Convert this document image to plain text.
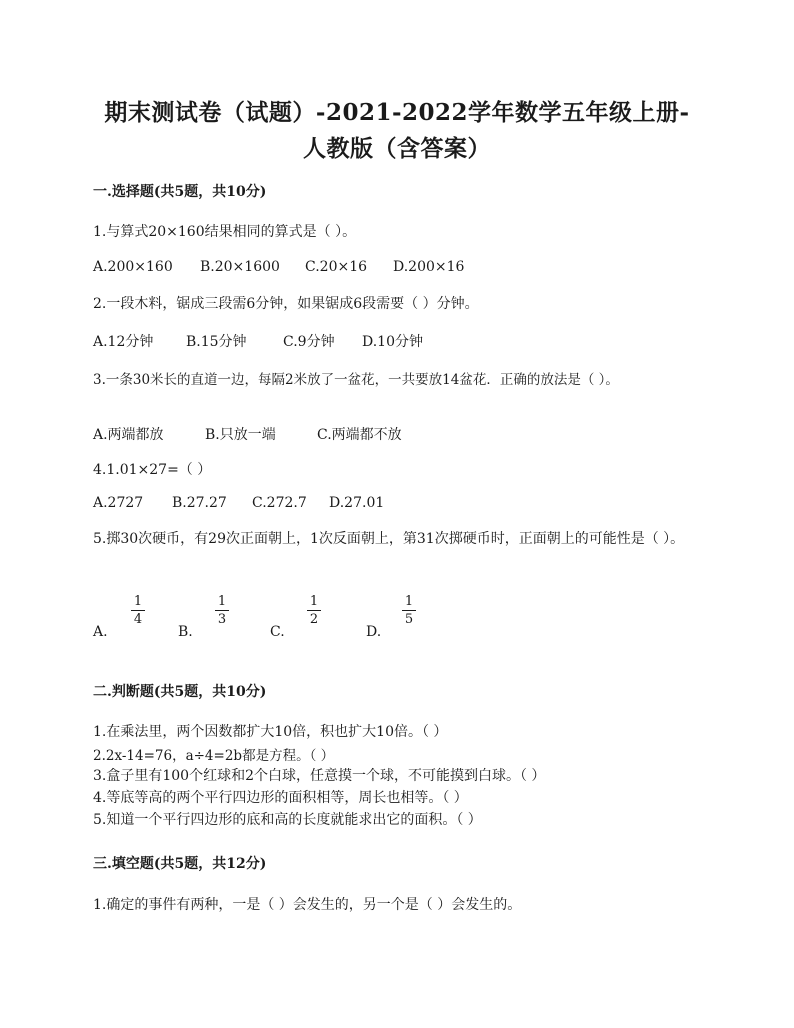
期末测试卷（试题）-2021-2022学年数学五年级上册-
人教版（含答案）
一.选择题(共5题，共10分)
1.与算式20×160结果相同的算式是（ ）。
A.200×160 B.20×1600 C.20×16 D.200×16
2.一段木料，锯成三段需6分钟，如果锯成6段需要（ ）分钟。
A.12分钟 B.15分钟	C.9分钟 D.10分钟
3.一条30米长的直道一边，每隔2米放了一盆花，一共要放14盆花．正确的放法是（ ）。
A.两端都放	B.只放一端	C.两端都不放
4.1.01×27=（ ）
A.2727 B.27.27 C.272.7 D.27.01
5.掷30次硬币，有29次正面朝上，1次反面朝上，第31次掷硬币时，正面朝上的可能性是（ ）。
A.
1
4
B.
1
3
C.
1
2
D.
1
5
二.判断题(共5题，共10分)
1.在乘法里，两个因数都扩大10倍，积也扩大10倍。（ ）
2.2x-14=76，a÷4=2b都是方程。（ ）
3.盒子里有100个红球和2个白球，任意摸一个球，不可能摸到白球。（ ）
4.等底等高的两个平行四边形的面积相等，周长也相等。（ ）
5.知道一个平行四边形的底和高的长度就能求出它的面积。（ ）
三.填空题(共5题，共12分)
1.确定的事件有两种，一是（ ）会发生的，另一个是（ ）会发生的。
